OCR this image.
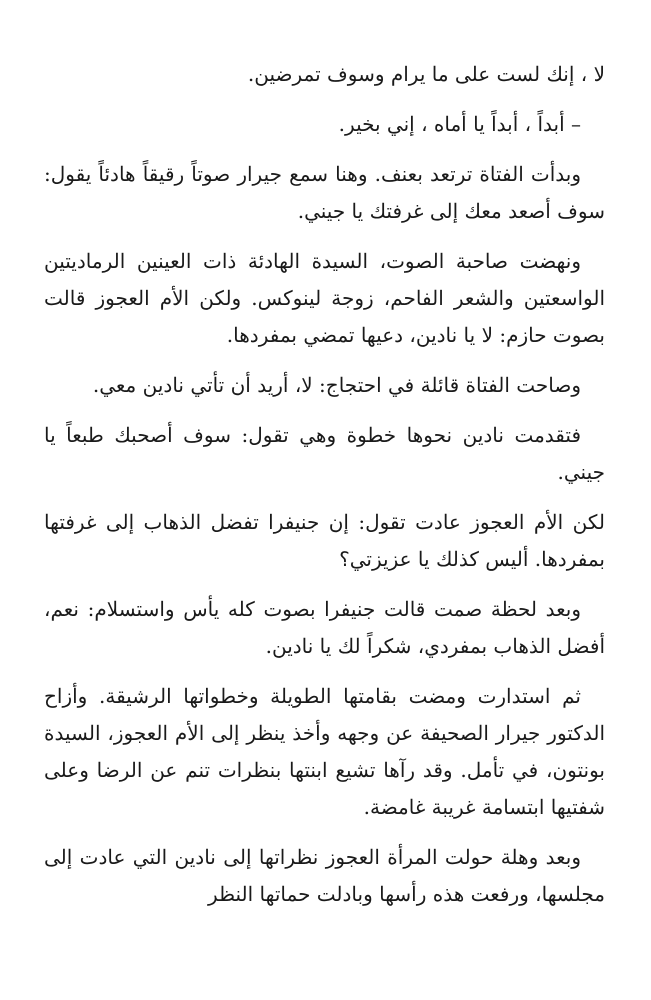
لا ، إنك لست على ما يرام وسوف تمرضين.

– أبداً ، أبداً يا أماه ، إني بخير.

وبدأت الفتاة ترتعد بعنف. وهنا سمع جيرار صوتاً رقيقاً هادئاً يقول: سوف أصعد معك إلى غرفتك يا جيني.

ونهضت صاحبة الصوت، السيدة الهادئة ذات العينين الرماديتين الواسعتين والشعر الفاحم، زوجة لينوكس. ولكن الأم العجوز قالت بصوت حازم: لا يا نادين، دعيها تمضي بمفردها.

وصاحت الفتاة قائلة في احتجاج: لا، أريد أن تأتي نادين معي.

فتقدمت نادين نحوها خطوة وهي تقول: سوف أصحبك طبعاً يا جيني.

لكن الأم العجوز عادت تقول: إن جنيفرا تفضل الذهاب إلى غرفتها بمفردها. أليس كذلك يا عزيزتي؟

وبعد لحظة صمت قالت جنيفرا بصوت كله يأس واستسلام: نعم، أفضل الذهاب بمفردي، شكراً لك يا نادين.

ثم استدارت ومضت بقامتها الطويلة وخطواتها الرشيقة. وأزاح الدكتور جيرار الصحيفة عن وجهه وأخذ ينظر إلى الأم العجوز، السيدة بونتون، في تأمل. وقد رآها تشيع ابنتها بنظرات تنم عن الرضا وعلى شفتيها ابتسامة غريبة غامضة.

وبعد وهلة حولت المرأة العجوز نظراتها إلى نادين التي عادت إلى مجلسها، ورفعت هذه رأسها وبادلت حماتها النظر
